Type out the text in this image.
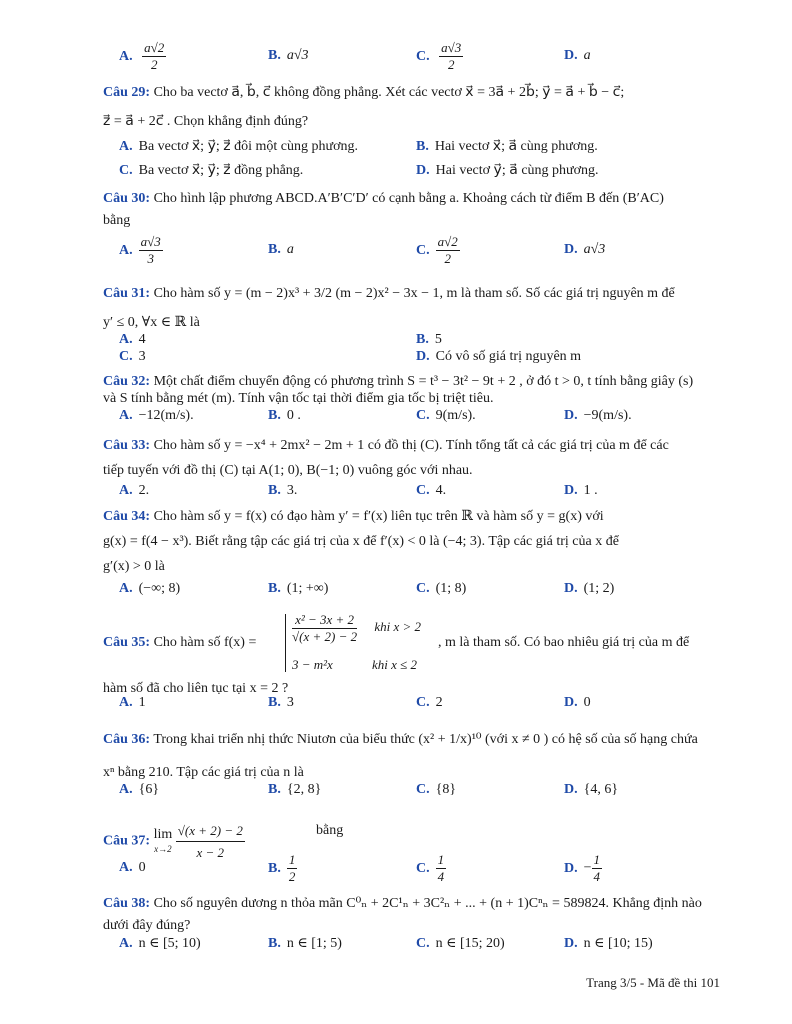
A. $\frac{a√2}{2}$	B. a√3	C. $\frac{a√3}{2}$	D. a
Câu 29: Cho ba vectơ a⃗, b⃗, c⃗ không đồng phẳng. Xét các vectơ x⃗ = 3a⃗ + 2b⃗; y⃗ = a⃗ + b⃗ − c⃗;
z⃗ = a⃗ + 2c⃗ . Chọn khẳng định đúng?
A. Ba vectơ x⃗; y⃗; z⃗ đôi một cùng phương.	B. Hai vectơ x⃗; a⃗ cùng phương.
C. Ba vectơ x⃗; y⃗; z⃗ đồng phẳng.	D. Hai vectơ y⃗; a⃗ cùng phương.
Câu 30: Cho hình lập phương ABCD.A′B′C′D′ có cạnh bằng a. Khoảng cách từ điểm B đến (B′AC)
bằng
A. $\frac{a√3}{3}$	B. a	C. $\frac{a√2}{2}$	D. a√3
Câu 31: Cho hàm số y = (m − 2)x³ + 3/2 (m − 2)x² − 3x − 1, m là tham số. Số các giá trị nguyên m để
y′ ≤ 0, ∀x ∈ ℝ là
A. 4	B. 5
C. 3	D. Có vô số giá trị nguyên m
Câu 32: Một chất điểm chuyển động có phương trình S = t³ − 3t² − 9t + 2 , ở đó t > 0, t tính bằng giây (s)
và S tính bằng mét (m). Tính vận tốc tại thời điểm gia tốc bị triệt tiêu.
A. −12(m/s).	B. 0 .	C. 9(m/s).	D. −9(m/s).
Câu 33: Cho hàm số y = −x⁴ + 2mx² − 2m + 1 có đồ thị (C). Tính tổng tất cả các giá trị của m để các
tiếp tuyến với đồ thị (C) tại A(1; 0), B(−1; 0) vuông góc với nhau.
A. 2.	B. 3.	C. 4.	D. 1 .
Câu 34: Cho hàm số y = f(x) có đạo hàm y′ = f′(x) liên tục trên ℝ và hàm số y = g(x) với
g(x) = f(4 − x³). Biết rằng tập các giá trị của x để f′(x) < 0 là (−4; 3). Tập các giá trị của x để
g′(x) > 0 là
A. (−∞; 8)	B. (1; +∞)	C. (1; 8)	D. (1; 2)
Câu 35: Cho hàm số f(x) =	$\frac{\text{x² − 3x + 2}}{√(x + 2) - 2}$ khi x > 2
3 − m²x	khi x ≤ 2
, m là tham số. Có bao nhiêu giá trị của m để
hàm số đã cho liên tục tại x = 2 ?
A. 1	B. 3	C. 2	D. 0
Câu 36: Trong khai triển nhị thức Niutơn của biểu thức (x² + 1/x)¹⁰ (với x ≠ 0 ) có hệ số của số hạng chứa
xⁿ bằng 210. Tập các giá trị của n là
A. {6}	B. {2, 8}	C. {8}	D. {4, 6}
Câu 37: lim
x→2
$\frac{√(x + 2) - 2}{x - 2}$	bằng
A. 0	B. $\frac{1}{2}$	C. $\frac{1}{4}$	D. − $\frac{1}{4}$
Câu 38: Cho số nguyên dương n thỏa mãn C⁰ₙ + 2C¹ₙ + 3C²ₙ + ... + (n + 1)Cⁿₙ = 589824. Khẳng định nào
dưới đây đúng?
A. n ∈ [5; 10)	B. n ∈ [1; 5)	C. n ∈ [15; 20)	D. n ∈ [10; 15)
Trang 3/5 - Mã đề thi 101
